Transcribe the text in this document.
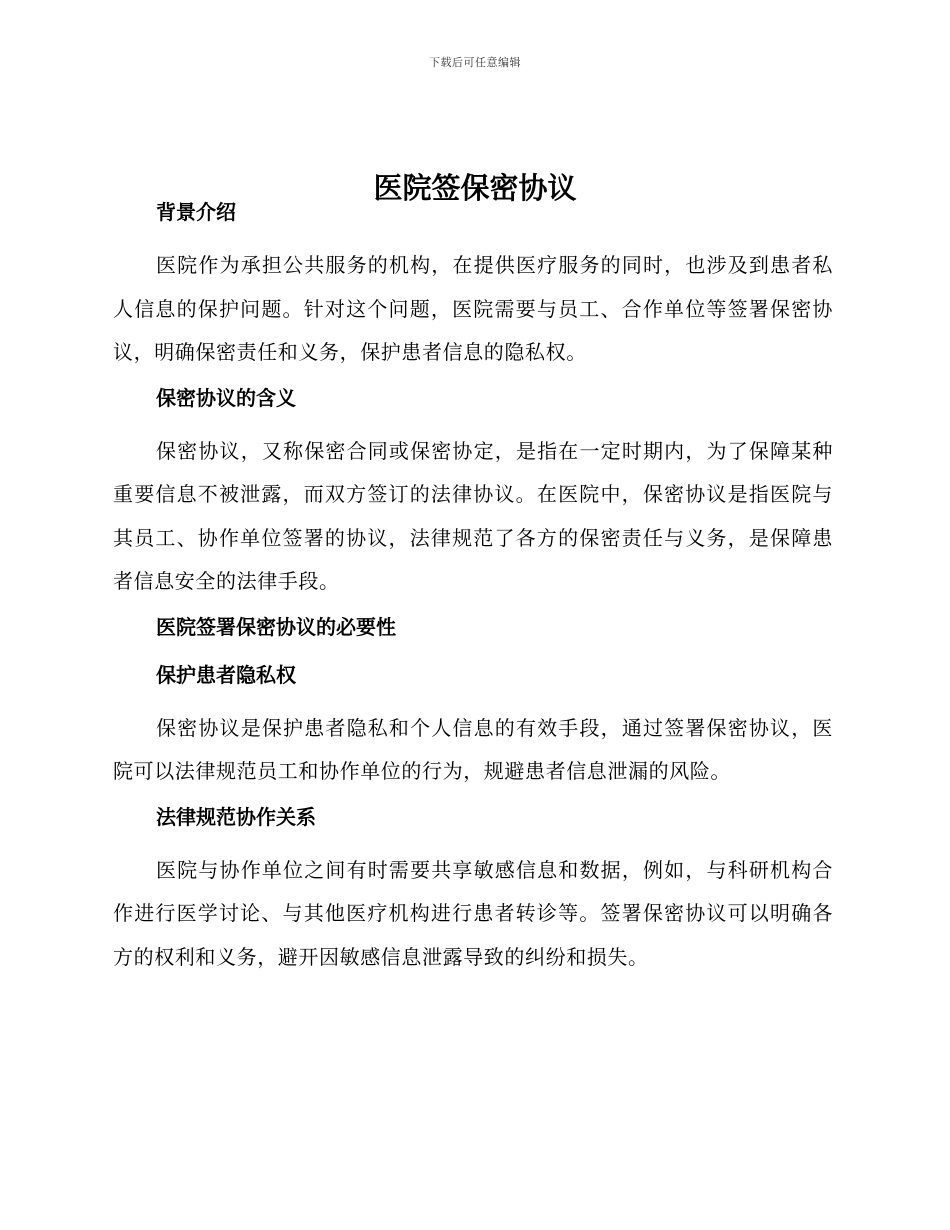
下载后可任意编辑
医院签保密协议
背景介绍

医院作为承担公共服务的机构，在提供医疗服务的同时，也涉及到患者私人信息的保护问题。针对这个问题，医院需要与员工、合作单位等签署保密协议，明确保密责任和义务，保护患者信息的隐私权。

保密协议的含义

保密协议，又称保密合同或保密协定，是指在一定时期内，为了保障某种重要信息不被泄露，而双方签订的法律协议。在医院中，保密协议是指医院与其员工、协作单位签署的协议，法律规范了各方的保密责任与义务，是保障患者信息安全的法律手段。

医院签署保密协议的必要性
保护患者隐私权

保密协议是保护患者隐私和个人信息的有效手段，通过签署保密协议，医院可以法律规范员工和协作单位的行为，规避患者信息泄漏的风险。

法律规范协作关系

医院与协作单位之间有时需要共享敏感信息和数据，例如，与科研机构合作进行医学讨论、与其他医疗机构进行患者转诊等。签署保密协议可以明确各方的权利和义务，避开因敏感信息泄露导致的纠纷和损失。
